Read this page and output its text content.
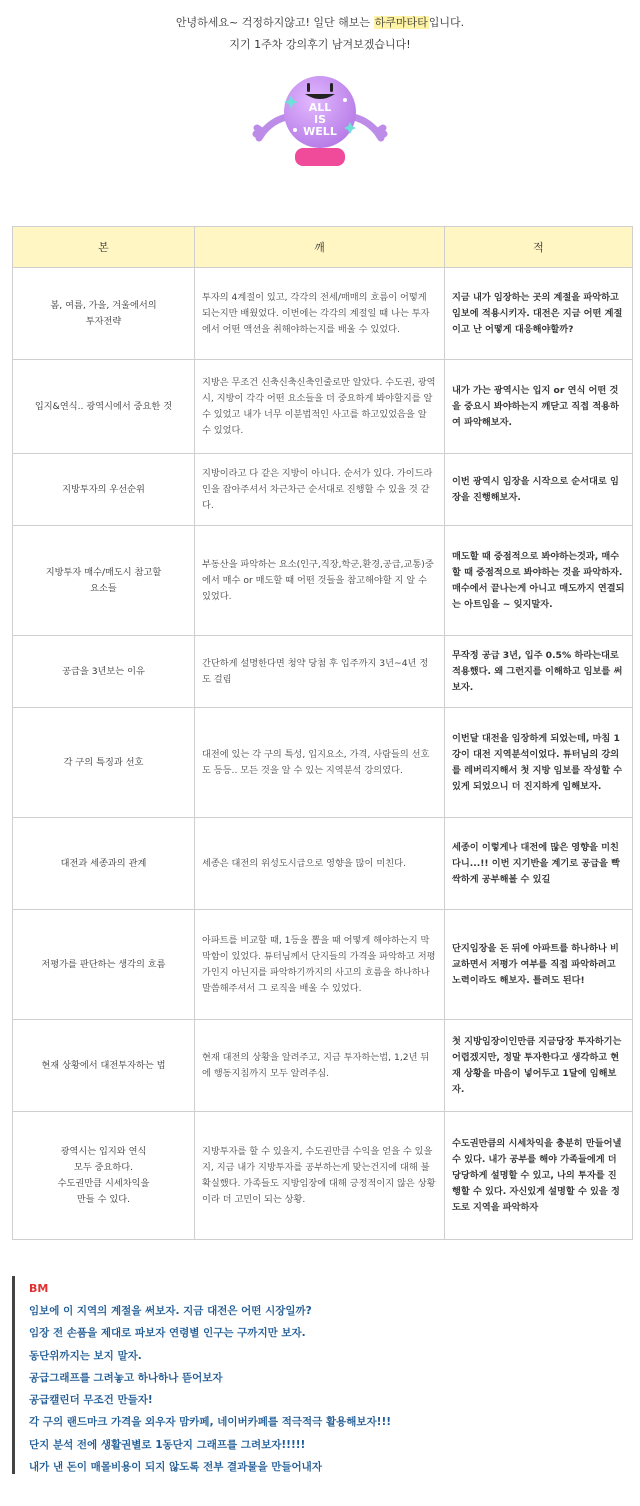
안녕하세요~ 걱정하지않고! 일단 해보는 하쿠마타타입니다.
지기 1주차 강의후기 남겨보겠습니다!
ALL
IS
WELL
본	깨	적
봄, 여름, 가을, 겨울에서의
투자전략	투자의 4계절이 있고, 각각의 전세/매매의 흐름이 어떻게 되는지만 배웠었다. 이번에는 각각의 계절일 때 나는 투자에서 어떤 액션을 취해야하는지를 배울 수 있었다.	지금 내가 임장하는 곳의 계절을 파악하고 임보에 적용시키자. 대전은 지금 어떤 계절이고 난 어떻게 대응해야할까?
입지&연식.. 광역시에서 중요한 것	지방은 무조건 신축신축신축인줄로만 알았다. 수도권, 광역시, 지방이 각각 어떤 요소들을 더 중요하게 봐야할지를 알 수 있었고 내가 너무 이분법적인 사고를 하고있었음을 알 수 있었다.	내가 가는 광역시는 입지 or 연식 어떤 것을 중요시 봐야하는지 깨닫고 직접 적용하여 파악해보자.
지방투자의 우선순위	지방이라고 다 같은 지방이 아니다. 순서가 있다. 가이드라인을 잡아주셔서 차근차근 순서대로 진행할 수 있을 것 같다.	이번 광역시 임장을 시작으로 순서대로 임장을 진행해보자.
지방투자 매수/매도시 참고할
요소들	부동산을 파악하는 요소(인구,직장,학군,환경,공급,교통)중에서 매수 or 매도할 때 어떤 것들을 참고해야할 지 알 수 있었다.	매도할 때 중점적으로 봐야하는것과, 매수할 때 중점적으로 봐야하는 것을 파악하자. 매수에서 끝나는게 아니고 매도까지 연결되는 아트임을 ~ 잊지말자.
공급을 3년보는 이유	간단하게 설명한다면 청약 당첨 후 입주까지 3년~4년 정도 걸림	무작정 공급 3년, 입주 0.5% 하라는대로 적용했다. 왜 그런지를 이해하고 임보를 써보자.
각 구의 특징과 선호	대전에 있는 각 구의 특성, 입지요소, 가격, 사람들의 선호도 등등.. 모든 것을 알 수 있는 지역분석 강의였다.	이번달 대전을 임장하게 되었는데, 마침 1강이 대전 지역분석이었다. 튜터님의 강의를 레버리지해서 첫 지방 임보를 작성할 수 있게 되었으니 더 진지하게 임해보자.
대전과 세종과의 관계	세종은 대전의 위성도시급으로 영향을 많이 미친다.	세종이 이렇게나 대전에 많은 영향을 미친다니...!! 이번 지기반을 계기로 공급을 빡싹하게 공부해볼 수 있길
저평가를 판단하는 생각의 흐름	아파트를 비교할 때, 1등을 뽑을 때 어떻게 해야하는지 막막함이 있었다. 튜터님께서 단지들의 가격을 파악하고 저평가인지 아닌지를 파악하기까지의 사고의 흐름을 하나하나 말씀해주셔서 그 로직을 배울 수 있었다.	단지임장을 돈 뒤에 아파트를 하나하나 비교하면서 저평가 여부를 직접 파악하려고 노력이라도 해보자. 틀려도 된다!
현재 상황에서 대전투자하는 법	현재 대전의 상황을 알려주고, 지금 투자하는법, 1,2년 뒤에 행동지침까지 모두 알려주심.	첫 지방임장이인만큼 지금당장 투자하기는 어렵겠지만, 정말 투자한다고 생각하고 현재 상황을 마음이 넣어두고 1달에 임해보자.
광역시는 입지와 연식
모두 중요하다.
수도권만큼 시세차익을
만들 수 있다.	지방투자를 할 수 있을지, 수도권만큼 수익을 얻을 수 있을지, 지금 내가 지방투자를 공부하는게 맞는건지에 대해 불확실했다. 가족들도 지방임장에 대해 긍정적이지 않은 상황이라 더 고민이 되는 상황.	수도권만큼의 시세차익을 충분히 만들어낼 수 있다. 내가 공부를 해야 가족들에게 더 당당하게 설명할 수 있고, 나의 투자를 진행할 수 있다. 자신있게 설명할 수 있을 정도로 지역을 파악하자
BM
임보에 이 지역의 계절을 써보자. 지금 대전은 어떤 시장일까?
임장 전 손품을 제대로 파보자 연령별 인구는 구까지만 보자.
동단위까지는 보지 말자.
공급그래프를 그려놓고 하나하나 뜯어보자
공급캘린더 무조건 만들자!
각 구의 랜드마크 가격을 외우자 맘카페, 네이버카페를 적극적극 활용해보자!!!
단지 분석 전에 생활권별로 1동단지 그래프를 그려보자!!!!!
내가 낸 돈이 매몰비용이 되지 않도록 전부 결과물을 만들어내자
